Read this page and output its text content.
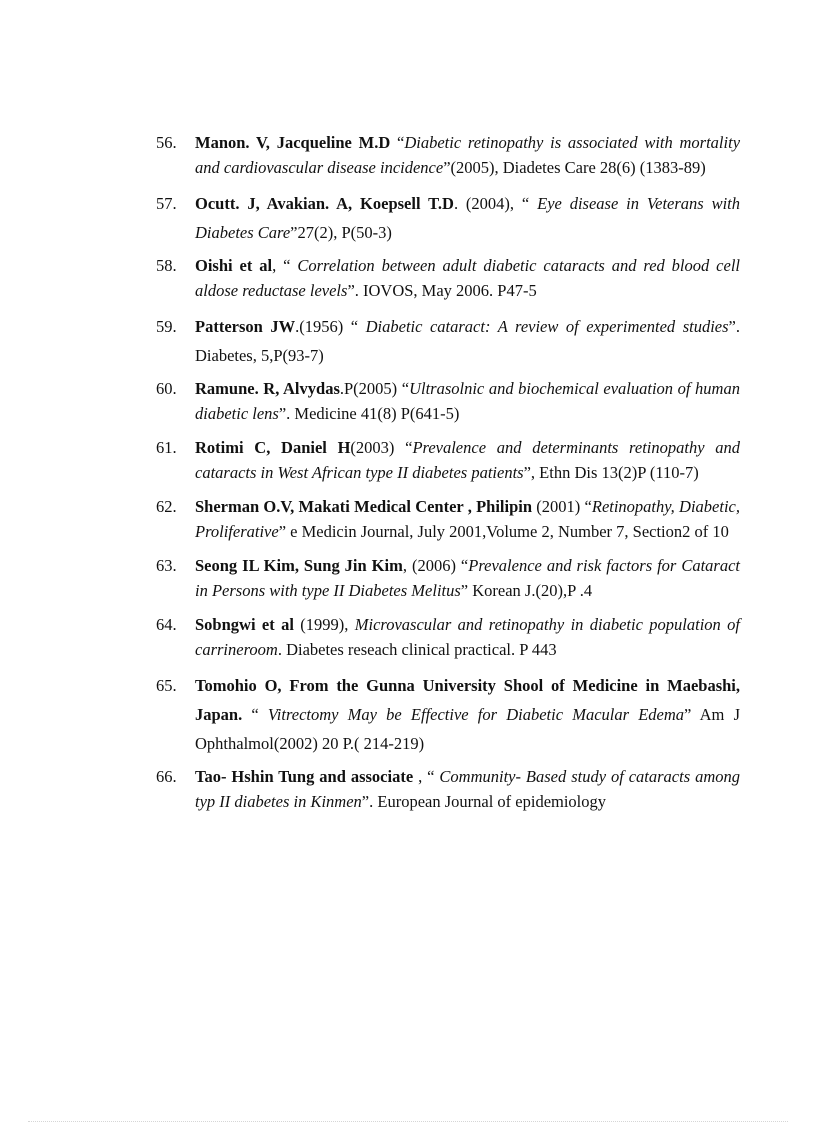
56.	Manon. V, Jacqueline M.D “Diabetic retinopathy is associated with mortality and cardiovascular disease incidence”(2005), Diadetes Care 28(6) (1383-89)
57.	Ocutt. J, Avakian. A, Koepsell T.D. (2004), “ Eye disease in Veterans with Diabetes Care”27(2), P(50-3)
58.	Oishi et al, “ Correlation between adult diabetic cataracts and red blood cell aldose reductase levels”. IOVOS, May 2006. P47-5
59.	Patterson JW.(1956) “ Diabetic cataract: A review of experimented studies”. Diabetes, 5,P(93-7)
60.	Ramune. R, Alvydas.P(2005) “Ultrasolnic and biochemical evaluation of human diabetic lens”. Medicine 41(8) P(641-5)
61.	Rotimi C, Daniel H(2003) “Prevalence and determinants retinopathy and cataracts in West African type II diabetes patients”, Ethn Dis 13(2)P (110-7)
62.	Sherman O.V, Makati Medical Center , Philipin (2001) “Retinopathy, Diabetic, Proliferative” e Medicin Journal, July 2001,Volume 2, Number 7, Section2 of 10
63.	Seong IL Kim, Sung Jin Kim, (2006) “Prevalence and risk factors for Cataract in Persons with type II Diabetes Melitus” Korean J.(20),P .4
64.	Sobngwi et al (1999), Microvascular and retinopathy in diabetic population of carrineroom. Diabetes reseach clinical practical. P 443
65.	Tomohio O, From the Gunna University Shool of Medicine in Maebashi, Japan. “ Vitrectomy May be Effective for Diabetic Macular Edema” Am J Ophthalmol(2002) 20 P.( 214-219)
66.	Tao- Hshin Tung and associate , “ Community- Based study of cataracts among typ II diabetes in Kinmen”. European Journal of epidemiology
